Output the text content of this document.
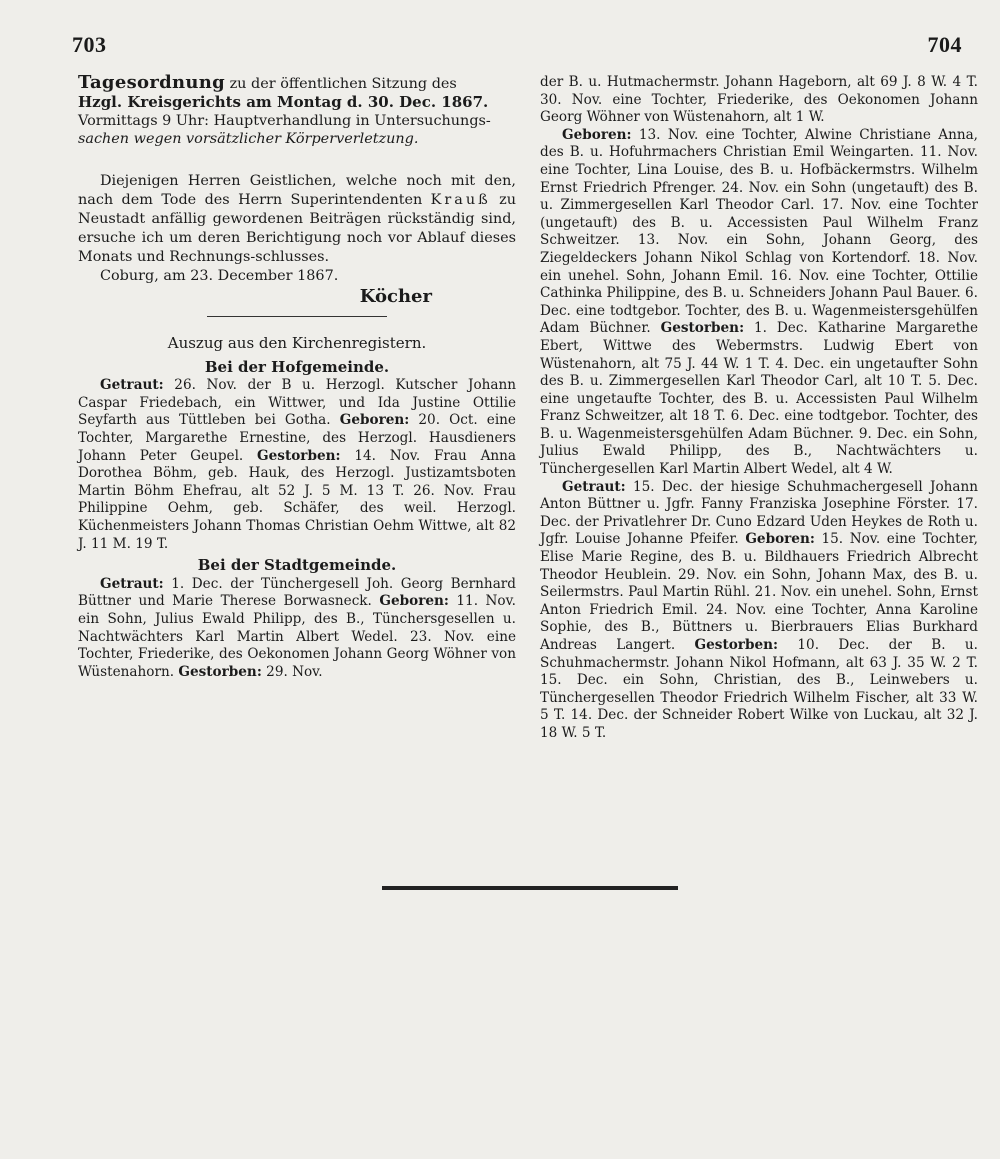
703	704

Tagesordnung zu der öffentlichen Sitzung des
Hzgl. Kreisgerichts am Montag d. 30. Dec. 1867.
Vormittags 9 Uhr: Hauptverhandlung in Untersuchungs-
sachen wegen vorsätzlicher Körperverletzung.

Diejenigen Herren Geistlichen, welche noch mit den, nach dem Tode des Herrn Superintendenten Krauß zu Neustadt anfällig gewordenen Beiträgen rückständig sind, ersuche ich um deren Berichtigung noch vor Ablauf dieses Monats und Rechnungs-schlusses.

Coburg, am 23. December 1867.

Köcher

Auszug aus den Kirchenregistern.

Bei der Hofgemeinde.

Getraut: 26. Nov. der B u. Herzogl. Kutscher Johann Caspar Friedebach, ein Wittwer, und Ida Justine Ottilie Seyfarth aus Tüttleben bei Gotha. Geboren: 20. Oct. eine Tochter, Margarethe Ernestine, des Herzogl. Hausdieners Johann Peter Geupel. Gestorben: 14. Nov. Frau Anna Dorothea Böhm, geb. Hauk, des Herzogl. Justizamtsboten Martin Böhm Ehefrau, alt 52 J. 5 M. 13 T. 26. Nov. Frau Philippine Oehm, geb. Schäfer, des weil. Herzogl. Küchenmeisters Johann Thomas Christian Oehm Wittwe, alt 82 J. 11 M. 19 T.

Bei der Stadtgemeinde.

Getraut: 1. Dec. der Tünchergesell Joh. Georg Bernhard Büttner und Marie Therese Borwasneck. Geboren: 11. Nov. ein Sohn, Julius Ewald Philipp, des B., Tünchersgesellen u. Nachtwächters Karl Martin Albert Wedel. 23. Nov. eine Tochter, Friederike, des Oekonomen Johann Georg Wöhner von Wüstenahorn. Gestorben: 29. Nov.

der B. u. Hutmachermstr. Johann Hageborn, alt 69 J. 8 W. 4 T. 30. Nov. eine Tochter, Friederike, des Oekonomen Johann Georg Wöhner von Wüstenahorn, alt 1 W.

Geboren: 13. Nov. eine Tochter, Alwine Christiane Anna, des B. u. Hofuhrmachers Christian Emil Weingarten. 11. Nov. eine Tochter, Lina Louise, des B. u. Hofbäckermstrs. Wilhelm Ernst Friedrich Pfrenger. 24. Nov. ein Sohn (ungetauft) des B. u. Zimmergesellen Karl Theodor Carl. 17. Nov. eine Tochter (ungetauft) des B. u. Accessisten Paul Wilhelm Franz Schweitzer. 13. Nov. ein Sohn, Johann Georg, des Ziegeldeckers Johann Nikol Schlag von Kortendorf. 18. Nov. ein unehel. Sohn, Johann Emil. 16. Nov. eine Tochter, Ottilie Cathinka Philippine, des B. u. Schneiders Johann Paul Bauer. 6. Dec. eine todtgebor. Tochter, des B. u. Wagenmeistersgehülfen Adam Büchner. Gestorben: 1. Dec. Katharine Margarethe Ebert, Wittwe des Webermstrs. Ludwig Ebert von Wüstenahorn, alt 75 J. 44 W. 1 T. 4. Dec. ein ungetaufter Sohn des B. u. Zimmergesellen Karl Theodor Carl, alt 10 T. 5. Dec. eine ungetaufte Tochter, des B. u. Accessisten Paul Wilhelm Franz Schweitzer, alt 18 T. 6. Dec. eine todtgebor. Tochter, des B. u. Wagenmeistersgehülfen Adam Büchner. 9. Dec. ein Sohn, Julius Ewald Philipp, des B., Nachtwächters u. Tünchergesellen Karl Martin Albert Wedel, alt 4 W.

Getraut: 15. Dec. der hiesige Schuhmachergesell Johann Anton Büttner u. Jgfr. Fanny Franziska Josephine Förster. 17. Dec. der Privatlehrer Dr. Cuno Edzard Uden Heykes de Roth u. Jgfr. Louise Johanne Pfeifer. Geboren: 15. Nov. eine Tochter, Elise Marie Regine, des B. u. Bildhauers Friedrich Albrecht Theodor Heublein. 29. Nov. ein Sohn, Johann Max, des B. u. Seilermstrs. Paul Martin Rühl. 21. Nov. ein unehel. Sohn, Ernst Anton Friedrich Emil. 24. Nov. eine Tochter, Anna Karoline Sophie, des B., Büttners u. Bierbrauers Elias Burkhard Andreas Langert. Gestorben: 10. Dec. der B. u. Schuhmachermstr. Johann Nikol Hofmann, alt 63 J. 35 W. 2 T. 15. Dec. ein Sohn, Christian, des B., Leinwebers u. Tünchergesellen Theodor Friedrich Wilhelm Fischer, alt 33 W. 5 T. 14. Dec. der Schneider Robert Wilke von Luckau, alt 32 J. 18 W. 5 T.
